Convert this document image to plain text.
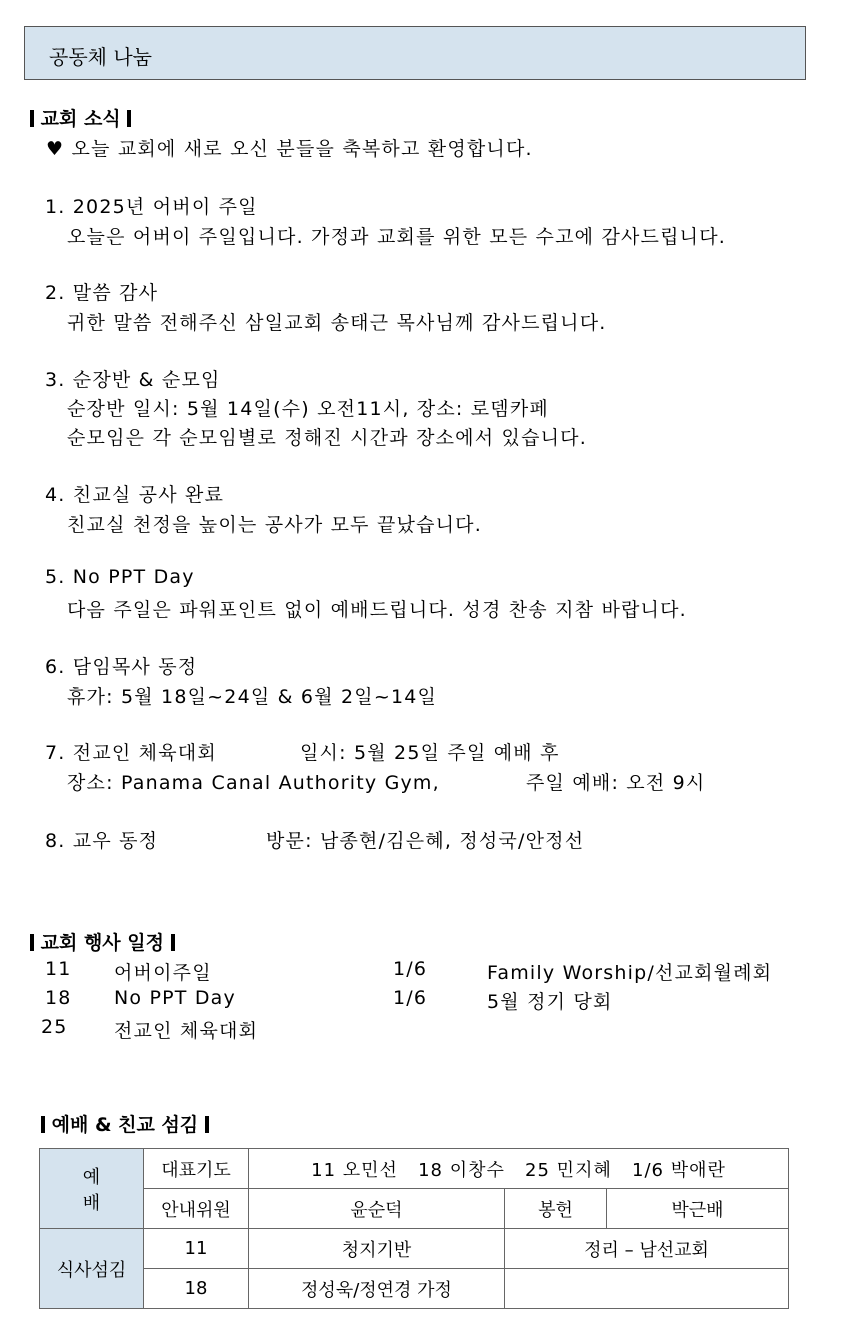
공동체 나눔
교회 소식
♥ 오늘 교회에 새로 오신 분들을 축복하고 환영합니다.
1. 2025년 어버이 주일
오늘은 어버이 주일입니다. 가정과 교회를 위한 모든 수고에 감사드립니다.
2. 말씀 감사
귀한 말씀 전해주신 삼일교회 송태근 목사님께 감사드립니다.
3. 순장반 & 순모임
순장반 일시: 5월 14일(수) 오전11시, 장소: 로뎀카페
순모임은 각 순모임별로 정해진 시간과 장소에서 있습니다.
4. 친교실 공사 완료
친교실 천정을 높이는 공사가 모두 끝났습니다.
5. No PPT Day
다음 주일은 파워포인트 없이 예배드립니다. 성경 찬송 지참 바랍니다.
6. 담임목사 동정
휴가: 5월 18일~24일 & 6월 2일~14일
7. 전교인 체육대회	일시: 5월 25일 주일 예배 후
장소: Panama Canal Authority Gym,	주일 예배: 오전 9시
8. 교우 동정	방문: 남종현/김은혜, 정성국/안정선
교회 행사 일정
11 어버이주일	1/6	Family Worship/선교회월례회
18 No PPT Day	1/6	5월 정기 당회
25 전교인 체육대회
예배 & 친교 섬김
예 배	대표기도	11 오민선   18 이창수   25 민지혜   1/6 박애란		
	안내위원	윤순덕	봉헌	박근배
식사섬김	11	청지기반	정리 – 남선교회	
	18	정성욱/정연경 가정		
